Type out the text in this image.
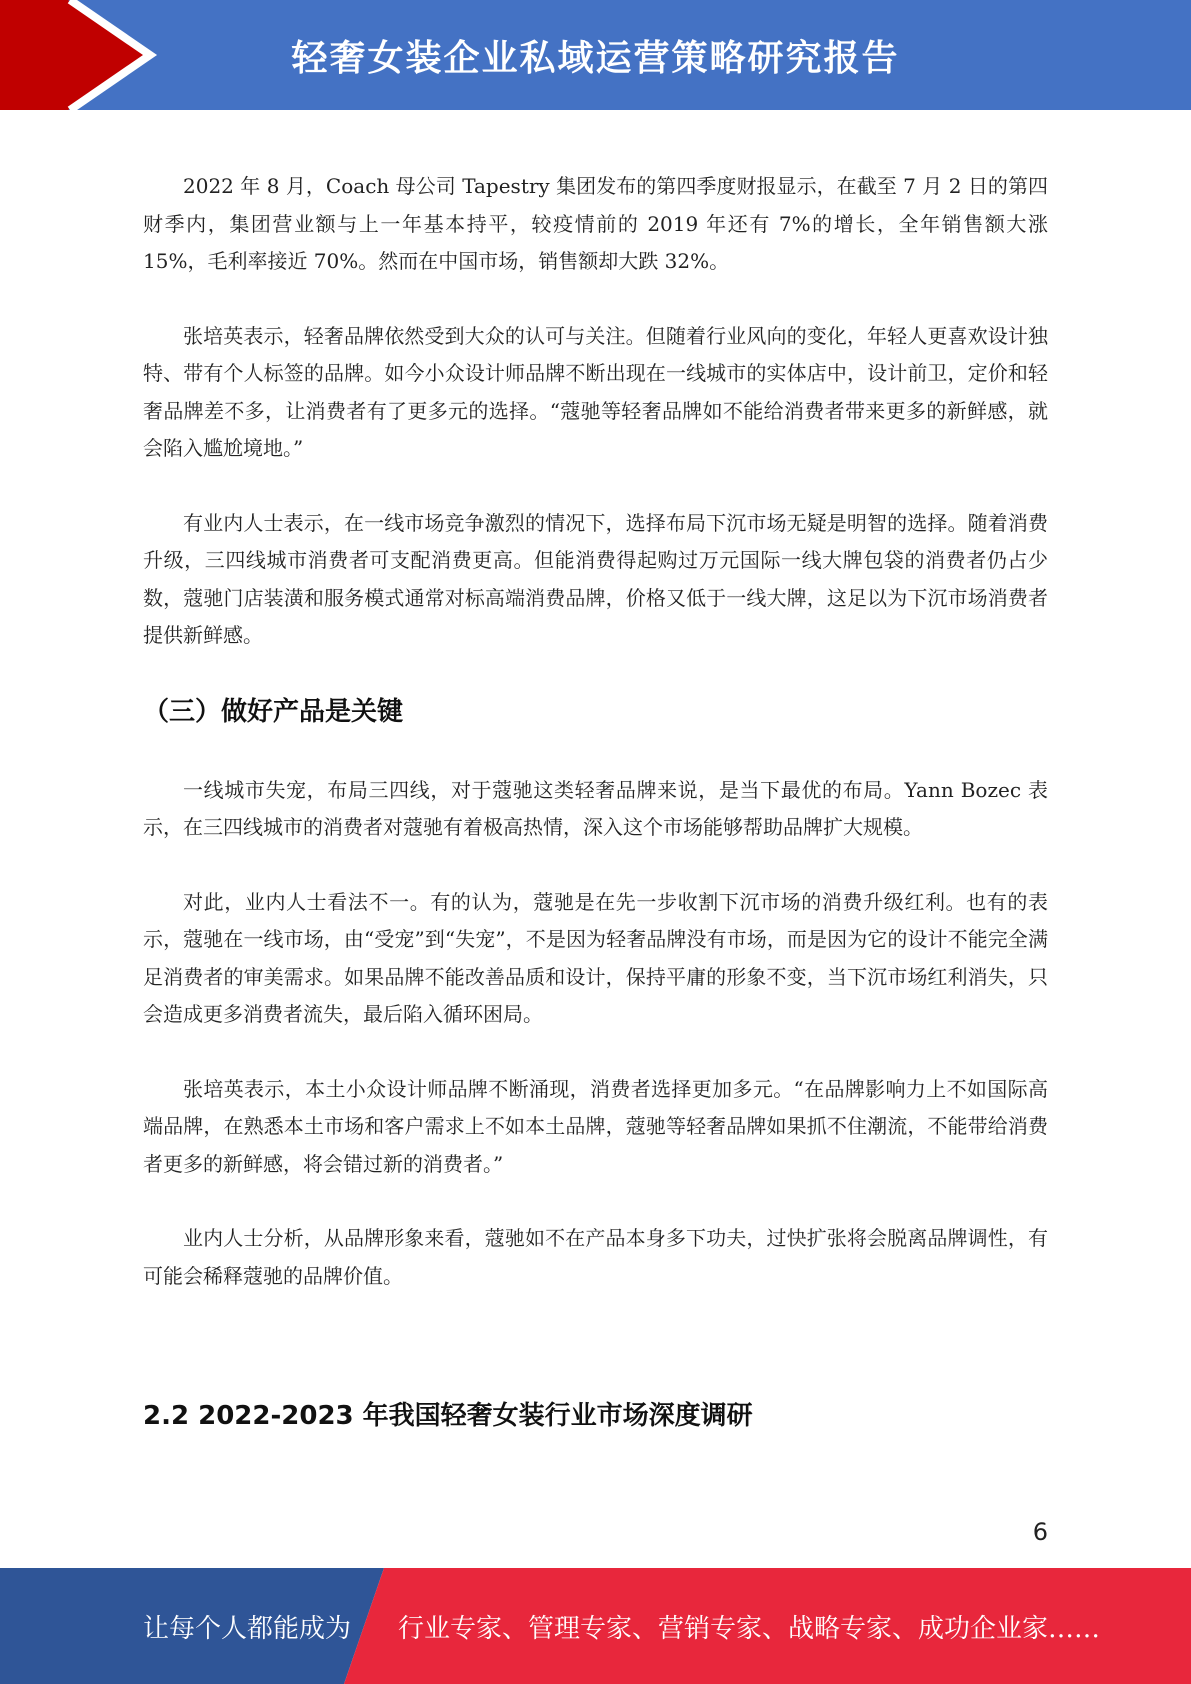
轻奢女装企业私域运营策略研究报告

2022 年 8 月，Coach 母公司 Tapestry 集团发布的第四季度财报显示，在截至 7 月 2 日的第四财季内，集团营业额与上一年基本持平，较疫情前的 2019 年还有 7%的增长，全年销售额大涨 15%，毛利率接近 70%。然而在中国市场，销售额却大跌 32%。

张培英表示，轻奢品牌依然受到大众的认可与关注。但随着行业风向的变化，年轻人更喜欢设计独特、带有个人标签的品牌。如今小众设计师品牌不断出现在一线城市的实体店中，设计前卫，定价和轻奢品牌差不多，让消费者有了更多元的选择。“蔻驰等轻奢品牌如不能给消费者带来更多的新鲜感，就会陷入尴尬境地。”

有业内人士表示，在一线市场竞争激烈的情况下，选择布局下沉市场无疑是明智的选择。随着消费升级，三四线城市消费者可支配消费更高。但能消费得起购过万元国际一线大牌包袋的消费者仍占少数，蔻驰门店装潢和服务模式通常对标高端消费品牌，价格又低于一线大牌，这足以为下沉市场消费者提供新鲜感。

（三）做好产品是关键

一线城市失宠，布局三四线，对于蔻驰这类轻奢品牌来说，是当下最优的布局。Yann Bozec 表示，在三四线城市的消费者对蔻驰有着极高热情，深入这个市场能够帮助品牌扩大规模。

对此，业内人士看法不一。有的认为，蔻驰是在先一步收割下沉市场的消费升级红利。也有的表示，蔻驰在一线市场，由“受宠”到“失宠”，不是因为轻奢品牌没有市场，而是因为它的设计不能完全满足消费者的审美需求。如果品牌不能改善品质和设计，保持平庸的形象不变，当下沉市场红利消失，只会造成更多消费者流失，最后陷入循环困局。

张培英表示，本土小众设计师品牌不断涌现，消费者选择更加多元。“在品牌影响力上不如国际高端品牌，在熟悉本土市场和客户需求上不如本土品牌，蔻驰等轻奢品牌如果抓不住潮流，不能带给消费者更多的新鲜感，将会错过新的消费者。”

业内人士分析，从品牌形象来看，蔻驰如不在产品本身多下功夫，过快扩张将会脱离品牌调性，有可能会稀释蔻驰的品牌价值。

2.2 2022-2023 年我国轻奢女装行业市场深度调研
6
让每个人都能成为 行业专家、管理专家、营销专家、战略专家、成功企业家……
